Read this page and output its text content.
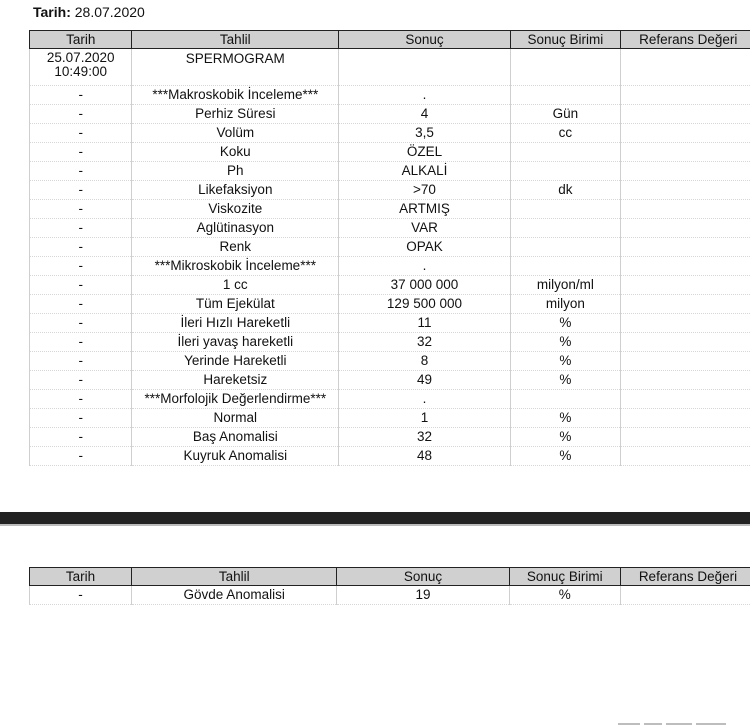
Tarih: 28.07.2020
Tarih	Tahlil	Sonuç	Sonuç Birimi	Referans Değeri

25.07.2020
10:49:00	SPERMOGRAM			
-	***Makroskobik İnceleme***	.		
-	Perhiz Süresi	4	Gün	
-	Volüm	3,5	cc	
-	Koku	ÖZEL		
-	Ph	ALKALİ		
-	Likefaksiyon	>70	dk	
-	Viskozite	ARTMIŞ		
-	Aglütinasyon	VAR		
-	Renk	OPAK		
-	***Mikroskobik İnceleme***	.		
-	1 cc	37 000 000	milyon/ml	
-	Tüm Ejekülat	129 500 000	milyon	
-	İleri Hızlı Hareketli	11	%	
-	İleri yavaş hareketli	32	%	
-	Yerinde Hareketli	8	%	
-	Hareketsiz	49	%	
-	***Morfolojik Değerlendirme***	.		
-	Normal	1	%	
-	Baş Anomalisi	32	%	
-	Kuyruk Anomalisi	48	%	
Tarih	Tahlil	Sonuç	Sonuç Birimi	Referans Değeri
-	Gövde Anomalisi	19	%	
